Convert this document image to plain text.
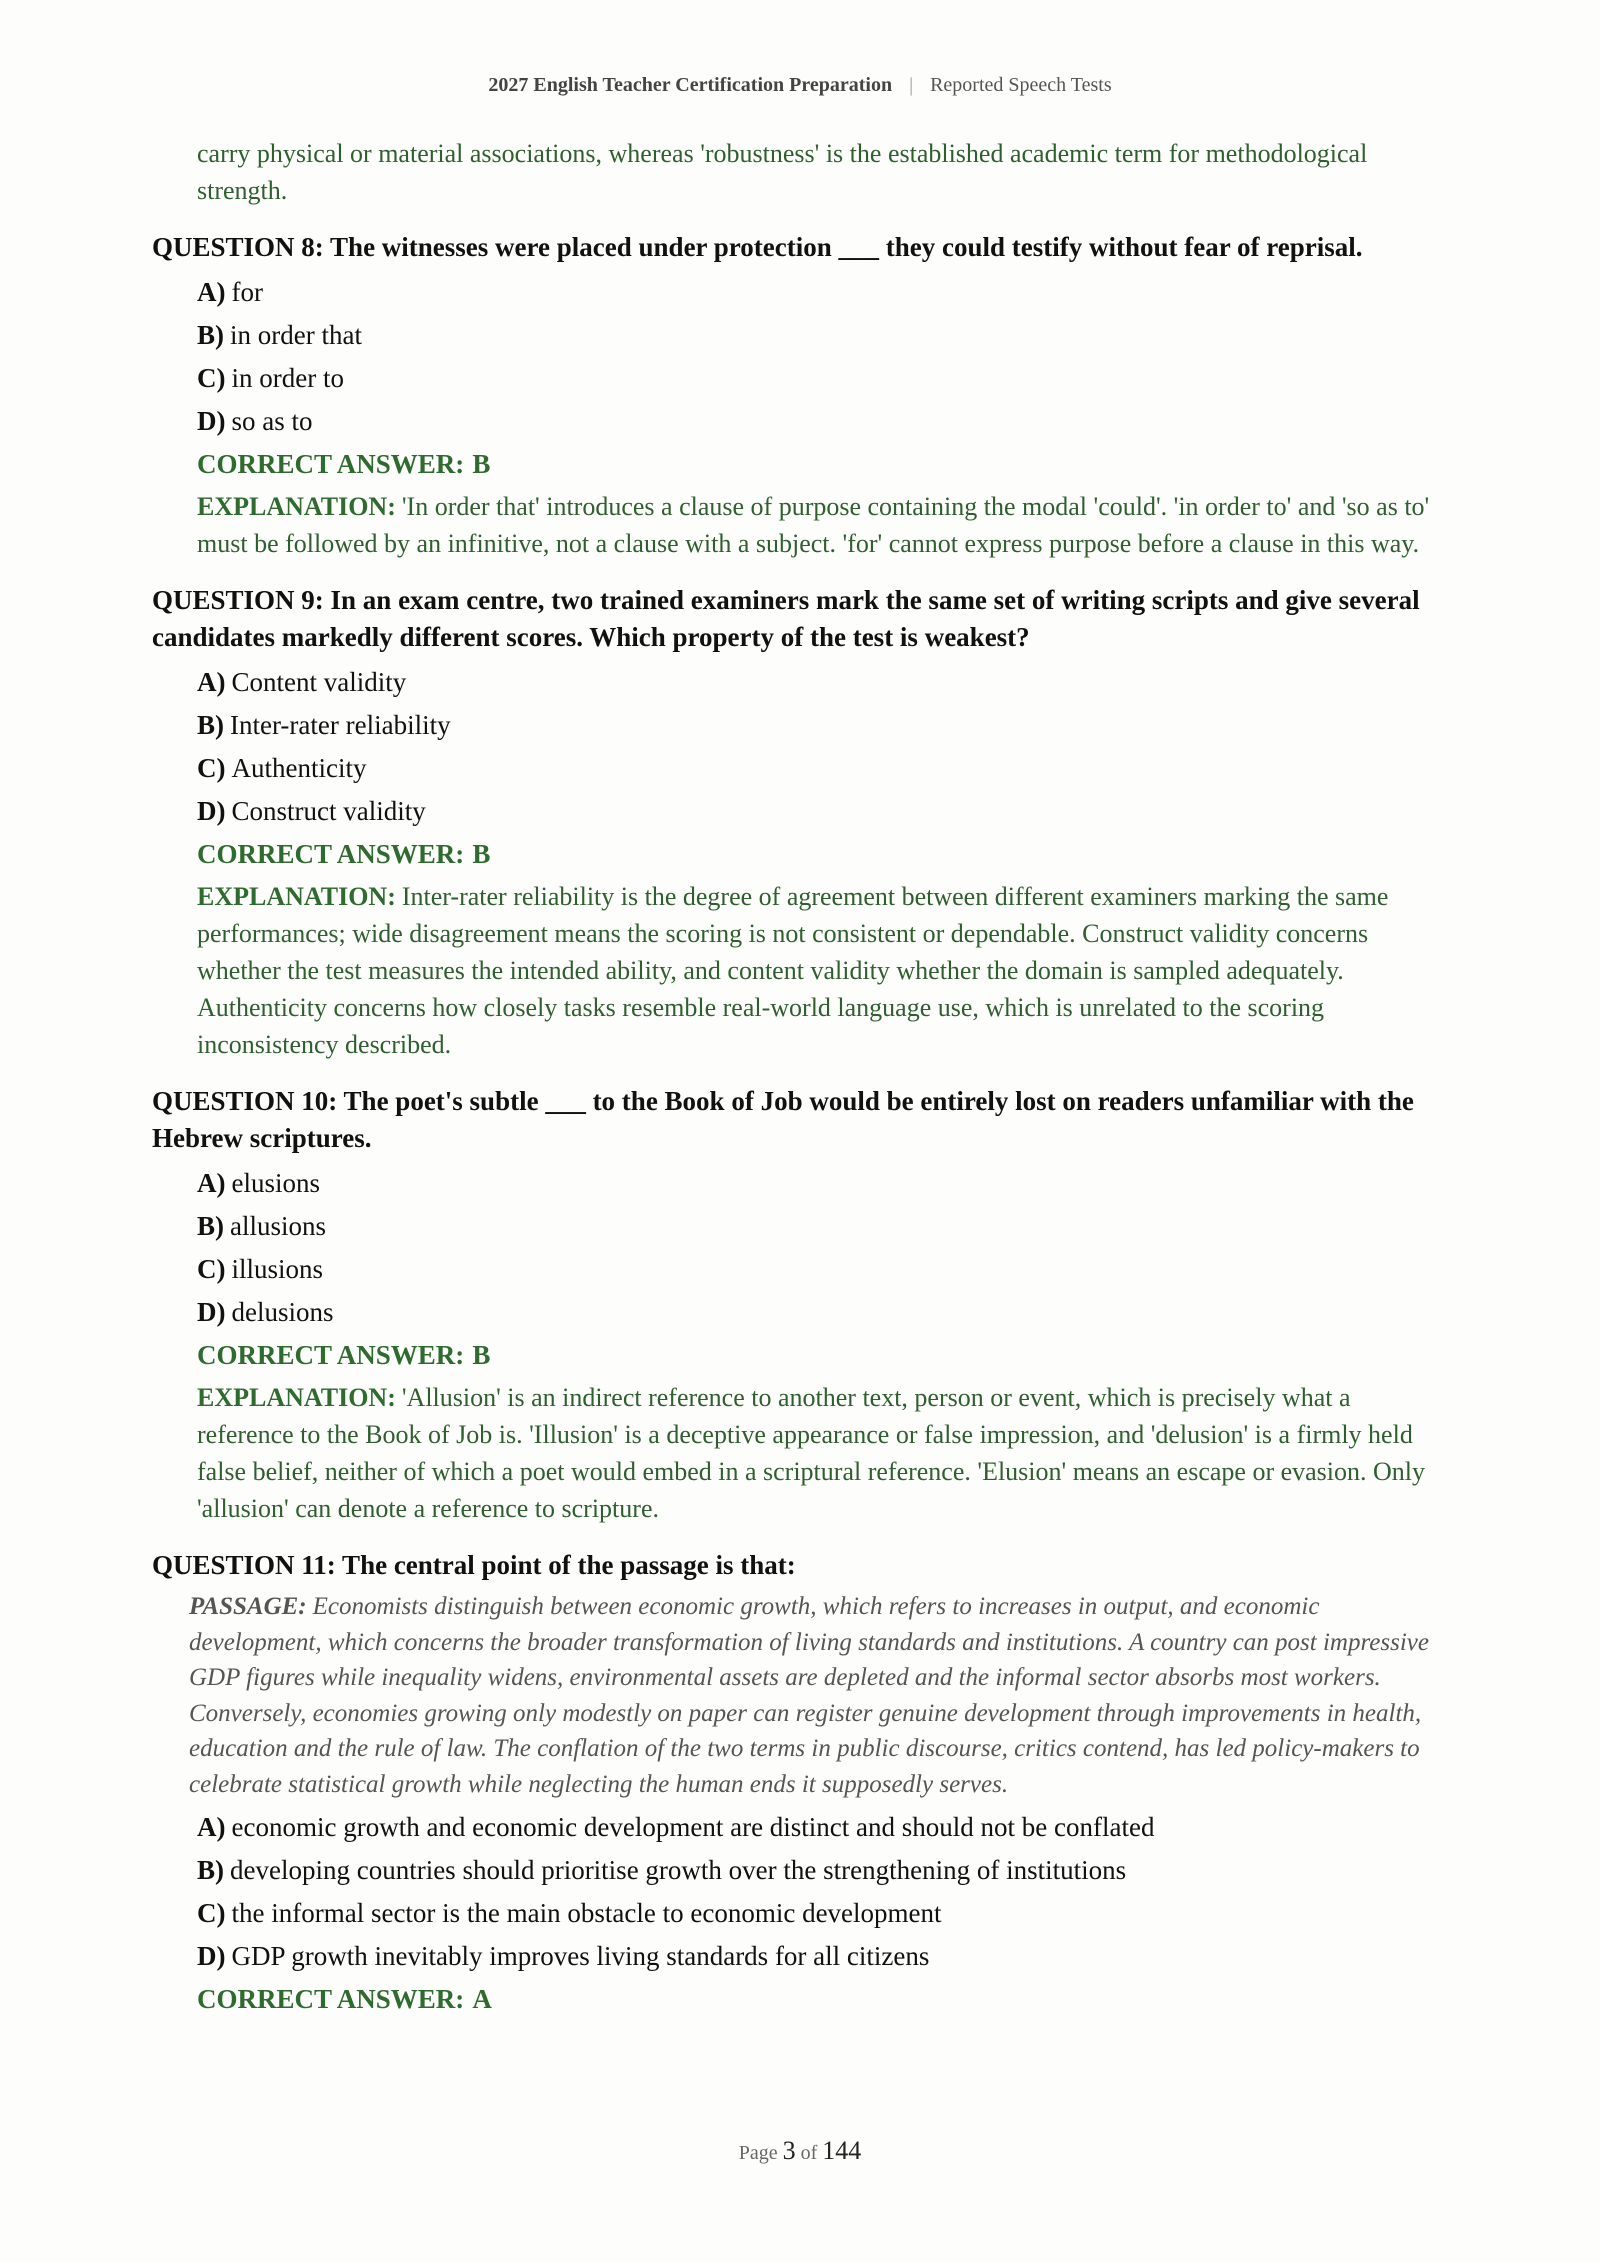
2027 English Teacher Certification Preparation | Reported Speech Tests
carry physical or material associations, whereas 'robustness' is the established academic term for methodological strength.
QUESTION 8: The witnesses were placed under protection ___ they could testify without fear of reprisal.
A) for
B) in order that
C) in order to
D) so as to
CORRECT ANSWER: B
EXPLANATION: 'In order that' introduces a clause of purpose containing the modal 'could'. 'in order to' and 'so as to' must be followed by an infinitive, not a clause with a subject. 'for' cannot express purpose before a clause in this way.
QUESTION 9: In an exam centre, two trained examiners mark the same set of writing scripts and give several candidates markedly different scores. Which property of the test is weakest?
A) Content validity
B) Inter-rater reliability
C) Authenticity
D) Construct validity
CORRECT ANSWER: B
EXPLANATION: Inter-rater reliability is the degree of agreement between different examiners marking the same performances; wide disagreement means the scoring is not consistent or dependable. Construct validity concerns whether the test measures the intended ability, and content validity whether the domain is sampled adequately. Authenticity concerns how closely tasks resemble real-world language use, which is unrelated to the scoring inconsistency described.
QUESTION 10: The poet's subtle ___ to the Book of Job would be entirely lost on readers unfamiliar with the Hebrew scriptures.
A) elusions
B) allusions
C) illusions
D) delusions
CORRECT ANSWER: B
EXPLANATION: 'Allusion' is an indirect reference to another text, person or event, which is precisely what a reference to the Book of Job is. 'Illusion' is a deceptive appearance or false impression, and 'delusion' is a firmly held false belief, neither of which a poet would embed in a scriptural reference. 'Elusion' means an escape or evasion. Only 'allusion' can denote a reference to scripture.
QUESTION 11: The central point of the passage is that:
PASSAGE: Economists distinguish between economic growth, which refers to increases in output, and economic development, which concerns the broader transformation of living standards and institutions. A country can post impressive GDP figures while inequality widens, environmental assets are depleted and the informal sector absorbs most workers. Conversely, economies growing only modestly on paper can register genuine development through improvements in health, education and the rule of law. The conflation of the two terms in public discourse, critics contend, has led policy-makers to celebrate statistical growth while neglecting the human ends it supposedly serves.
A) economic growth and economic development are distinct and should not be conflated
B) developing countries should prioritise growth over the strengthening of institutions
C) the informal sector is the main obstacle to economic development
D) GDP growth inevitably improves living standards for all citizens
CORRECT ANSWER: A
Page 3 of 144
